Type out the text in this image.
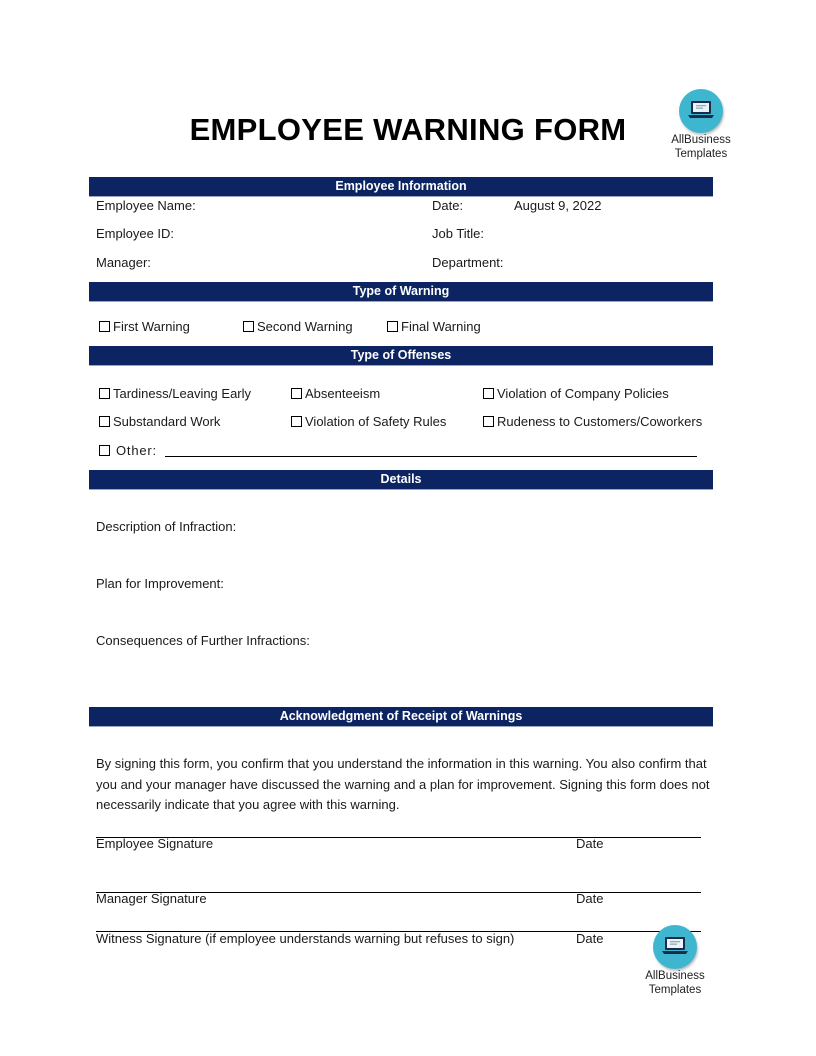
EMPLOYEE WARNING FORM	AllBusiness
Templates
Employee Information
Employee Name:	Date:	August 9, 2022
Employee ID:	Job Title:
Manager:	Department:
Type of Warning
First Warning	Second Warning	Final Warning
Type of Offenses
Tardiness/Leaving Early	Absenteeism	Violation of Company Policies
Substandard Work	Violation of Safety Rules	Rudeness to Customers/Coworkers
Other:
Details
Description of Infraction:
Plan for Improvement:
Consequences of Further Infractions:
Acknowledgment of Receipt of Warnings
By signing this form, you confirm that you understand the information in this warning. You also confirm that you and your manager have discussed the warning and a plan for improvement. Signing this form does not necessarily indicate that you agree with this warning.
Employee Signature	Date
Manager Signature	Date
Witness Signature (if employee understands warning but refuses to sign)	Date
AllBusiness
Templates
